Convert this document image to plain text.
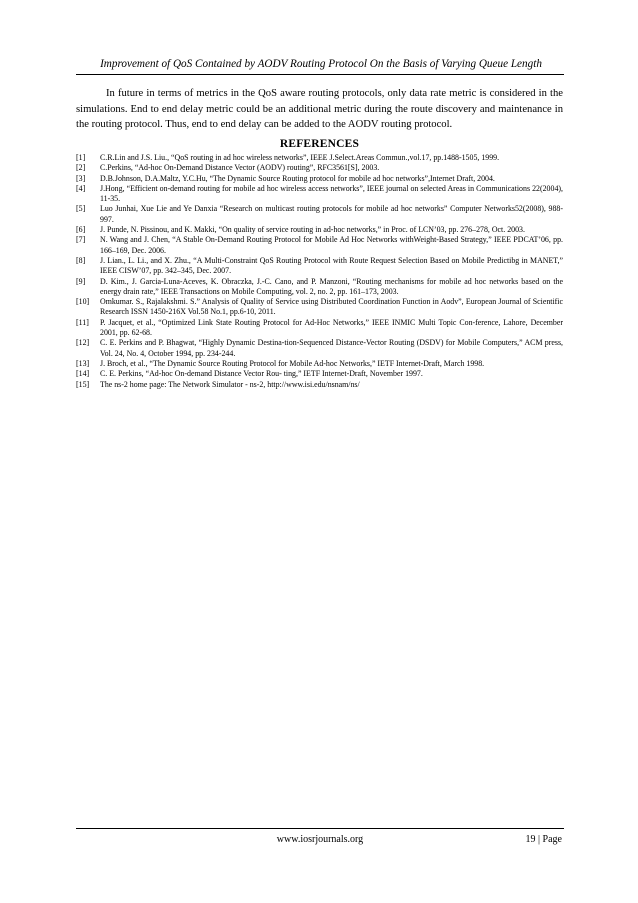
Improvement of QoS Contained by AODV Routing Protocol On the Basis of Varying Queue Length

In future in terms of metrics in the QoS aware routing protocols, only data rate metric is considered in the simulations. End to end delay metric could be an additional metric during the route discovery and maintenance in the routing protocol. Thus, end to end delay can be added to the AODV routing protocol.

REFERENCES
[1]	C.R.Lin and J.S. Liu., “QoS routing in ad hoc wireless networks”, IEEE J.Select.Areas Commun.,vol.17, pp.1488-1505, 1999.
[2]	C.Perkins, “Ad-hoc On-Demand Distance Vector (AODV) routing”, RFC3561[S], 2003.
[3]	D.B.Johnson, D.A.Maltz, Y.C.Hu, “The Dynamic Source Routing protocol for mobile ad hoc networks”,Internet Draft, 2004.
[4]	J.Hong, “Efficient on-demand routing for mobile ad hoc wireless access networks”, IEEE journal on selected Areas in Communications 22(2004), 11-35.
[5]	Luo Junhai, Xue Lie and Ye Danxia “Research on multicast routing protocols for mobile ad hoc networks” Computer Networks52(2008), 988-997.
[6]	J. Punde, N. Pissinou, and K. Makki, “On quality of service routing in ad-hoc networks,” in Proc. of LCN’03, pp. 276–278, Oct. 2003.
[7]	N. Wang and J. Chen, “A Stable On-Demand Routing Protocol for Mobile Ad Hoc Networks withWeight-Based Strategy,” IEEE PDCAT’06, pp. 166–169, Dec. 2006.
[8]	J. Lian., L. Li., and X. Zhu., “A Multi-Constraint QoS Routing Protocol with Route Request Selection Based on Mobile Predictibg in MANET,” IEEE CISW’07, pp. 342–345, Dec. 2007.
[9]	D. Kim., J. Garcia-Luna-Aceves, K. Obraczka, J.-C. Cano, and P. Manzoni, “Routing mechanisms for mobile ad hoc networks based on the energy drain rate,” IEEE Transactions on Mobile Computing, vol. 2, no. 2, pp. 161–173, 2003.
[10]	Omkumar. S., Rajalakshmi. S.” Analysis of Quality of Service using Distributed Coordination Function in Aodv”, European Journal of Scientific Research ISSN 1450-216X Vol.58 No.1, pp.6-10, 2011.
[11]	P. Jacquet, et al., “Optimized Link State Routing Protocol for Ad-Hoc Networks,” IEEE INMIC Multi Topic Con-ference, Lahore, December 2001, pp. 62-68.
[12]	C. E. Perkins and P. Bhagwat, “Highly Dynamic Destina-tion-Sequenced Distance-Vector Routing (DSDV) for Mobile Computers,” ACM press, Vol. 24, No. 4, October 1994, pp. 234-244.
[13]	J. Broch, et al., “The Dynamic Source Routing Protocol for Mobile Ad-hoc Networks,” IETF Internet-Draft, March 1998.
[14]	C. E. Perkins, “Ad-hoc On-demand Distance Vector Rou- ting,” IETF Internet-Draft, November 1997.
[15]	The ns-2 home page: The Network Simulator - ns-2, http://www.isi.edu/nsnam/ns/
www.iosrjournals.org	19 | Page
